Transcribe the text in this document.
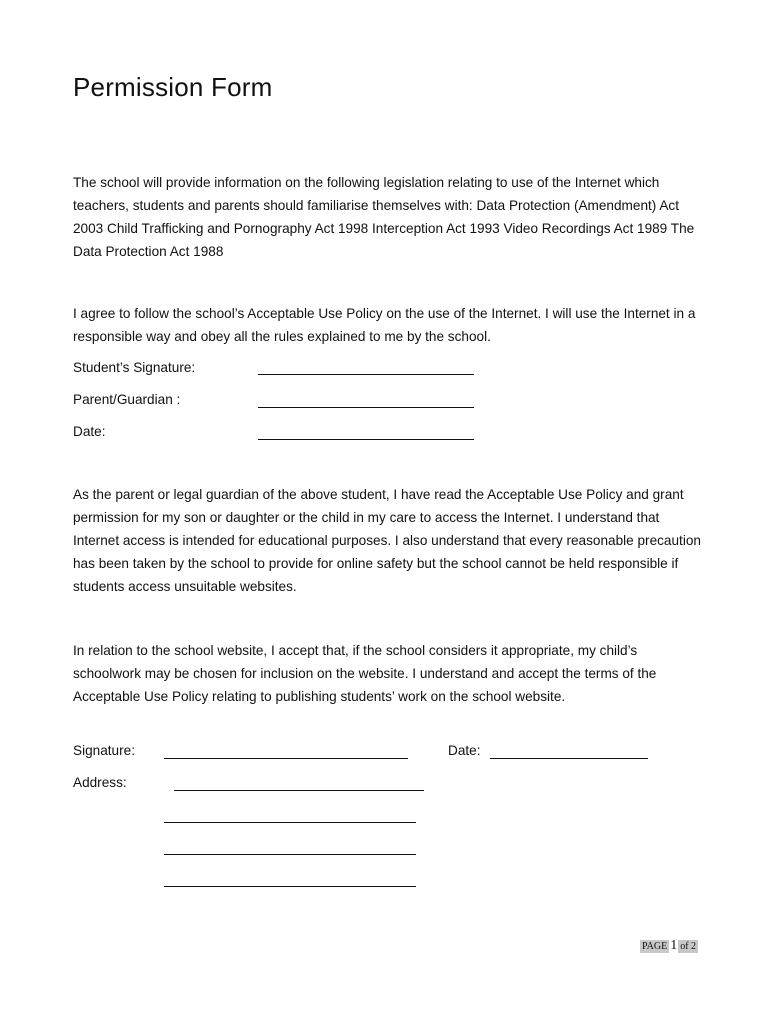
Permission Form
The school will provide information on the following legislation relating to use of the Internet which teachers, students and parents should familiarise themselves with: Data Protection (Amendment) Act 2003 Child Trafficking and Pornography Act 1998 Interception Act 1993 Video Recordings Act 1989 The Data Protection Act 1988
I agree to follow the school’s Acceptable Use Policy on the use of the Internet. I will use the Internet in a responsible way and obey all the rules explained to me by the school.
Student’s Signature:
Parent/Guardian :
Date:
As the parent or legal guardian of the above student, I have read the Acceptable Use Policy and grant permission for my son or daughter or the child in my care to access the Internet. I understand that Internet access is intended for educational purposes. I also understand that every reasonable precaution has been taken by the school to provide for online safety but the school cannot be held responsible if students access unsuitable websites.
In relation to the school website, I accept that, if the school considers it appropriate, my child’s schoolwork may be chosen for inclusion on the website. I understand and accept the terms of the Acceptable Use Policy relating to publishing students’ work on the school website.
Signature:	Date:
Address:
PAGE 1 of 2
